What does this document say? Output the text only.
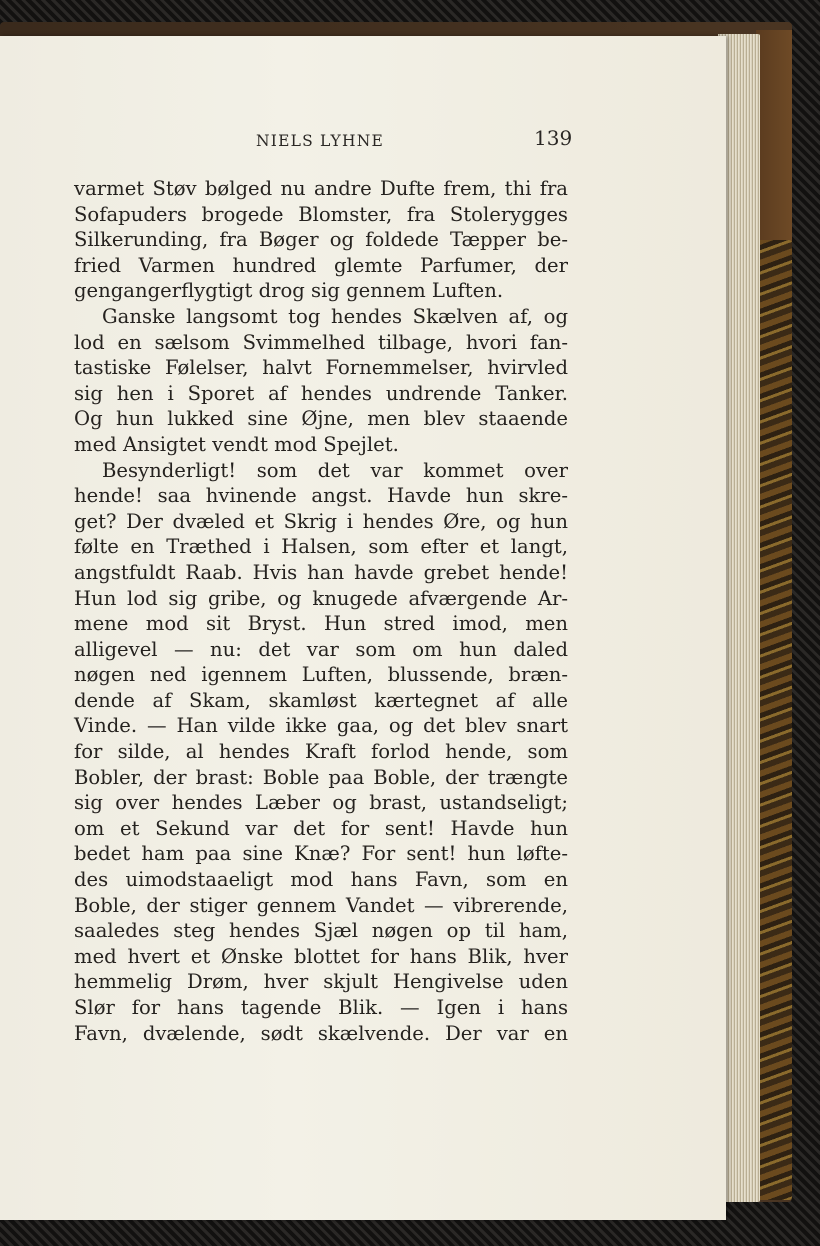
NIELS LYHNE	139
varmet Støv bølged nu andre Dufte frem, thi fra
Sofapuders brogede Blomster, fra Stolerygges
Silkerunding, fra Bøger og foldede Tæpper be-
fried Varmen hundred glemte Parfumer, der
gengangerflygtigt drog sig gennem Luften.
Ganske langsomt tog hendes Skælven af, og
lod en sælsom Svimmelhed tilbage, hvori fan-
tastiske Følelser, halvt Fornemmelser, hvirvled
sig hen i Sporet af hendes undrende Tanker.
Og hun lukked sine Øjne, men blev staaende
med Ansigtet vendt mod Spejlet.
Besynderligt! som det var kommet over
hende! saa hvinende angst. Havde hun skre-
get? Der dvæled et Skrig i hendes Øre, og hun
følte en Træthed i Halsen, som efter et langt,
angstfuldt Raab. Hvis han havde grebet hende!
Hun lod sig gribe, og knugede afværgende Ar-
mene mod sit Bryst. Hun stred imod, men
alligevel — nu: det var som om hun daled
nøgen ned igennem Luften, blussende, bræn-
dende af Skam, skamløst kærtegnet af alle
Vinde. — Han vilde ikke gaa, og det blev snart
for silde, al hendes Kraft forlod hende, som
Bobler, der brast: Boble paa Boble, der trængte
sig over hendes Læber og brast, ustandseligt;
om et Sekund var det for sent! Havde hun
bedet ham paa sine Knæ? For sent! hun løfte-
des uimodstaaeligt mod hans Favn, som en
Boble, der stiger gennem Vandet — vibrerende,
saaledes steg hendes Sjæl nøgen op til ham,
med hvert et Ønske blottet for hans Blik, hver
hemmelig Drøm, hver skjult Hengivelse uden
Slør for hans tagende Blik. — Igen i hans
Favn, dvælende, sødt skælvende. Der var en
